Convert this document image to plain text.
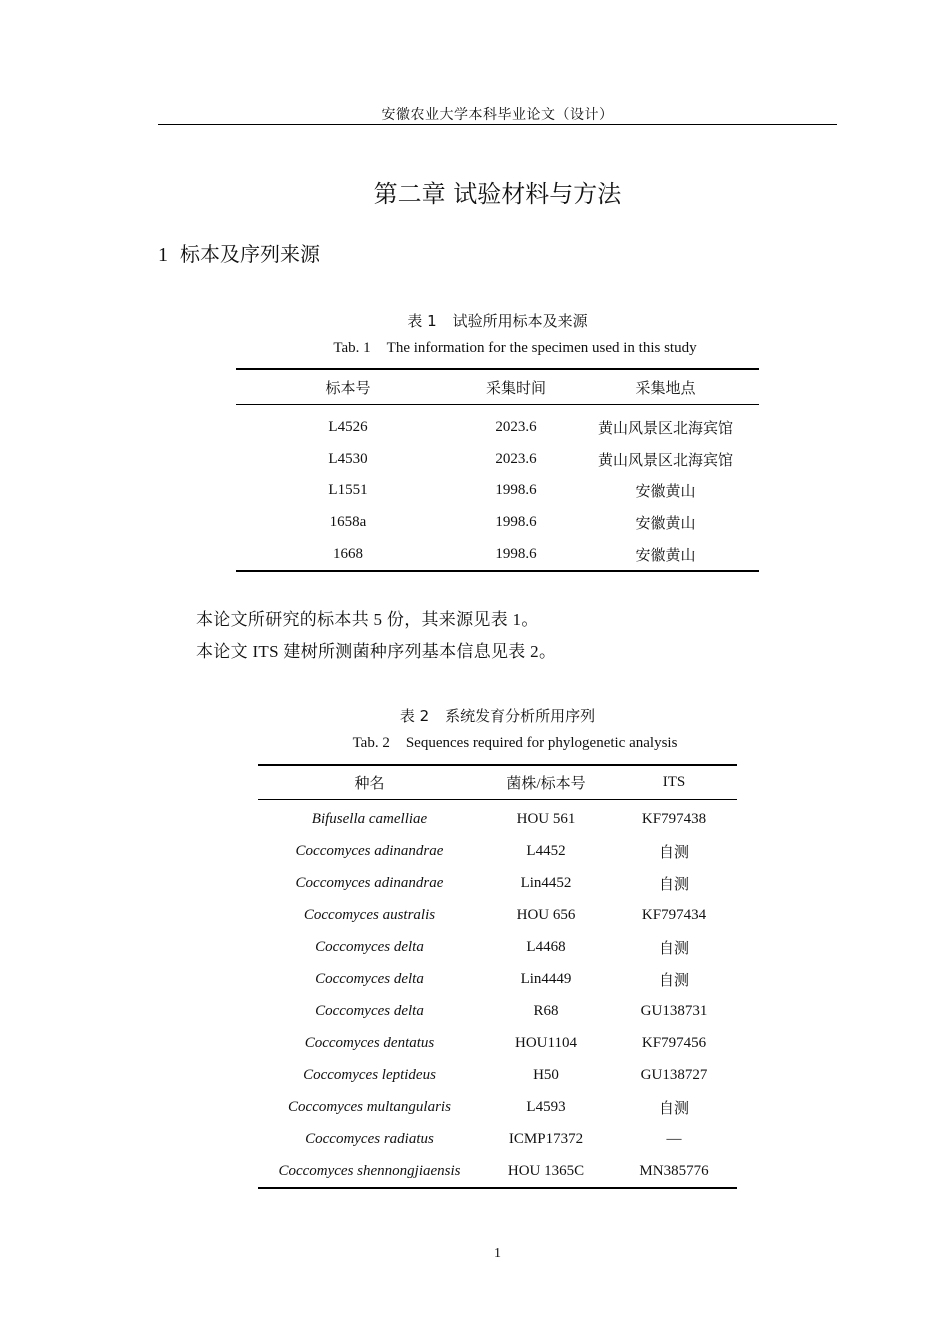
安徽农业大学本科毕业论文（设计）
第二章 试验材料与方法
1 标本及序列来源
表 1 试验所用标本及来源
Tab. 1 The information for the specimen used in this study
标本号	采集时间	采集地点

L4526	2023.6	黄山风景区北海宾馆
L4530	2023.6	黄山风景区北海宾馆
L1551	1998.6	安徽黄山
1658a	1998.6	安徽黄山
1668	1998.6	安徽黄山
本论文所研究的标本共 5 份，其来源见表 1。
本论文 ITS 建树所测菌种序列基本信息见表 2。
表 2 系统发育分析所用序列
Tab. 2 Sequences required for phylogenetic analysis
种名	菌株/标本号	ITS

Bifusella camelliae	HOU 561	KF797438
Coccomyces adinandrae	L4452	自测
Coccomyces adinandrae	Lin4452	自测
Coccomyces australis	HOU 656	KF797434
Coccomyces delta	L4468	自测
Coccomyces delta	Lin4449	自测
Coccomyces delta	R68	GU138731
Coccomyces dentatus	HOU1104	KF797456
Coccomyces leptideus	H50	GU138727
Coccomyces multangularis	L4593	自测
Coccomyces radiatus	ICMP17372	—
Coccomyces shennongjiaensis	HOU 1365C	MN385776
1
